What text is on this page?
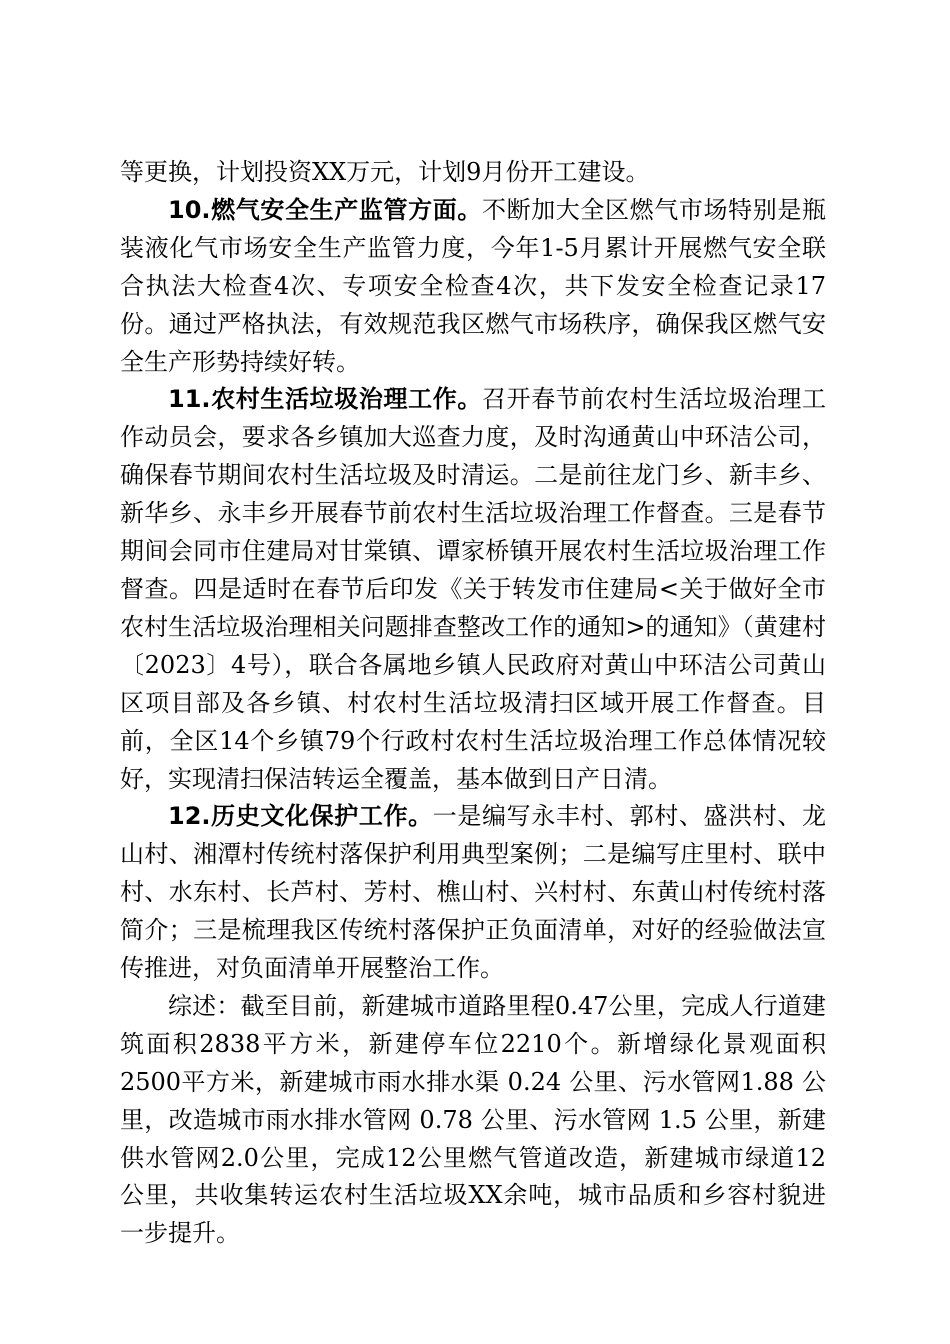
等更换，计划投资XX万元，计划9月份开工建设。

10.燃气安全生产监管方面。不断加大全区燃气市场特别是瓶装液化气市场安全生产监管力度，今年1-5月累计开展燃气安全联合执法大检查4次、专项安全检查4次，共下发安全检查记录17份。通过严格执法，有效规范我区燃气市场秩序，确保我区燃气安全生产形势持续好转。

11.农村生活垃圾治理工作。召开春节前农村生活垃圾治理工作动员会，要求各乡镇加大巡查力度，及时沟通黄山中环洁公司，确保春节期间农村生活垃圾及时清运。二是前往龙门乡、新丰乡、新华乡、永丰乡开展春节前农村生活垃圾治理工作督查。三是春节期间会同市住建局对甘棠镇、谭家桥镇开展农村生活垃圾治理工作督查。四是适时在春节后印发《关于转发市住建局<关于做好全市农村生活垃圾治理相关问题排查整改工作的通知>的通知》（黄建村〔2023〕4号），联合各属地乡镇人民政府对黄山中环洁公司黄山区项目部及各乡镇、村农村生活垃圾清扫区域开展工作督查。目前，全区14个乡镇79个行政村农村生活垃圾治理工作总体情况较好，实现清扫保洁转运全覆盖，基本做到日产日清。

12.历史文化保护工作。一是编写永丰村、郭村、盛洪村、龙山村、湘潭村传统村落保护利用典型案例；二是编写庄里村、联中村、水东村、长芦村、芳村、樵山村、兴村村、东黄山村传统村落简介；三是梳理我区传统村落保护正负面清单，对好的经验做法宣传推进，对负面清单开展整治工作。

综述：截至目前，新建城市道路里程0.47公里，完成人行道建筑面积2838平方米，新建停车位2210个。新增绿化景观面积2500平方米，新建城市雨水排水渠 0.24 公里、污水管网1.88 公里，改造城市雨水排水管网 0.78 公里、污水管网 1.5 公里，新建供水管网2.0公里，完成12公里燃气管道改造，新建城市绿道12 公里，共收集转运农村生活垃圾XX余吨，城市品质和乡容村貌进一步提升。
